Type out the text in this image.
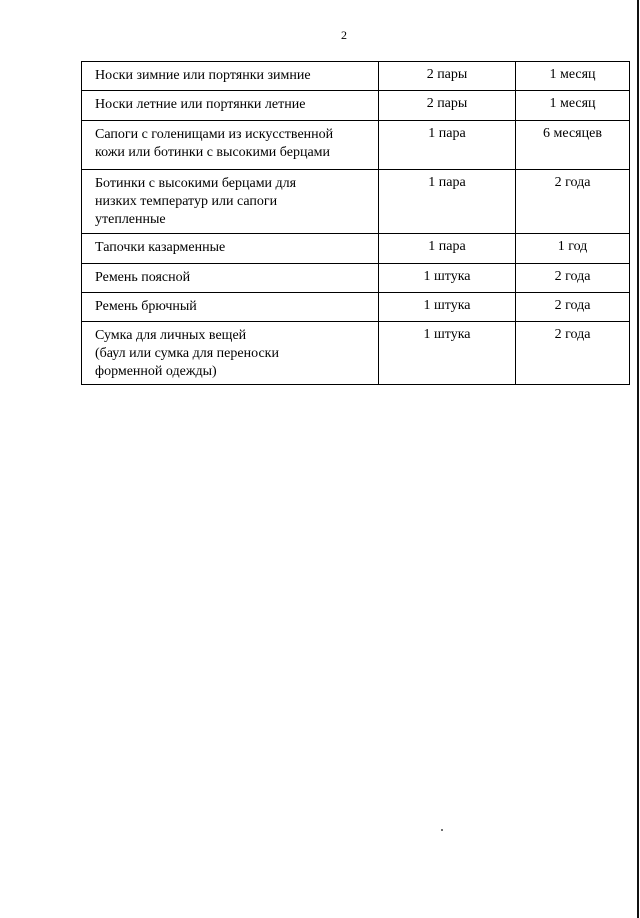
2
Носки зимние или портянки зимние	2 пары	1 месяц

Носки летние или портянки летние	2 пары	1 месяц

Сапоги с голенищами из искусственной
кожи или ботинки с высокими берцами	1 пара	6 месяцев

Ботинки с высокими берцами для
низких температур или сапоги
утепленные	1 пара	2 года

Тапочки казарменные	1 пара	1 год

Ремень поясной	1 штука	2 года

Ремень брючный	1 штука	2 года

Сумка для личных вещей
(баул или сумка для переноски
форменной одежды)	1 штука	2 года
